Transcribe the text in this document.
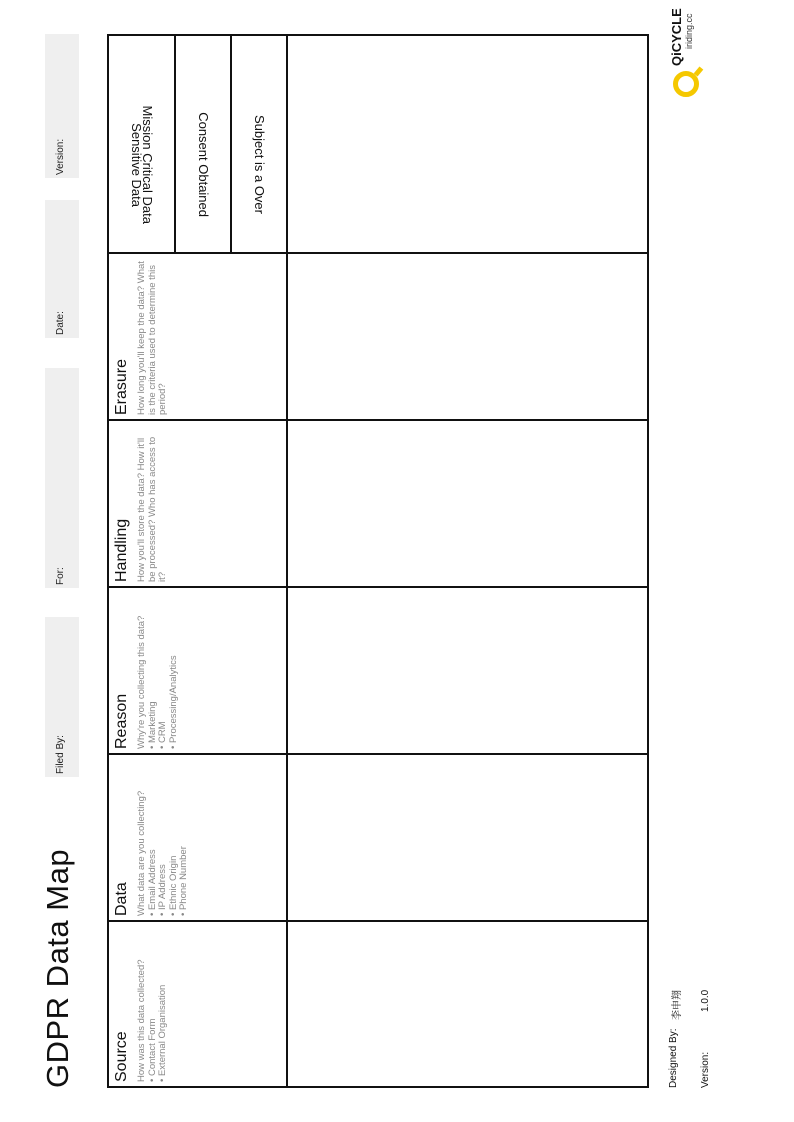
GDPR Data Map
Filed By:
For:
Date:
Version:
Source How was this data collected? • Contact Form • External Organisation
Data What data are you collecting? • Email Address • IP Address • Ethnic Origin • Phone Number
Reason Why're you collecting this data? • Marketing • CRM • Processing/Analytics
Handling How you'll store the data? How it'll be processed? Who has access to it?
Erasure How long you'll keep the data? What is the criteria used to determine this period?
Subject is a Over
Consent Obtained
Mission Critical Data
Sensitive Data
QiCYCLE iriding.cc
Designed By:
李申翔
Version:
1.0.0
